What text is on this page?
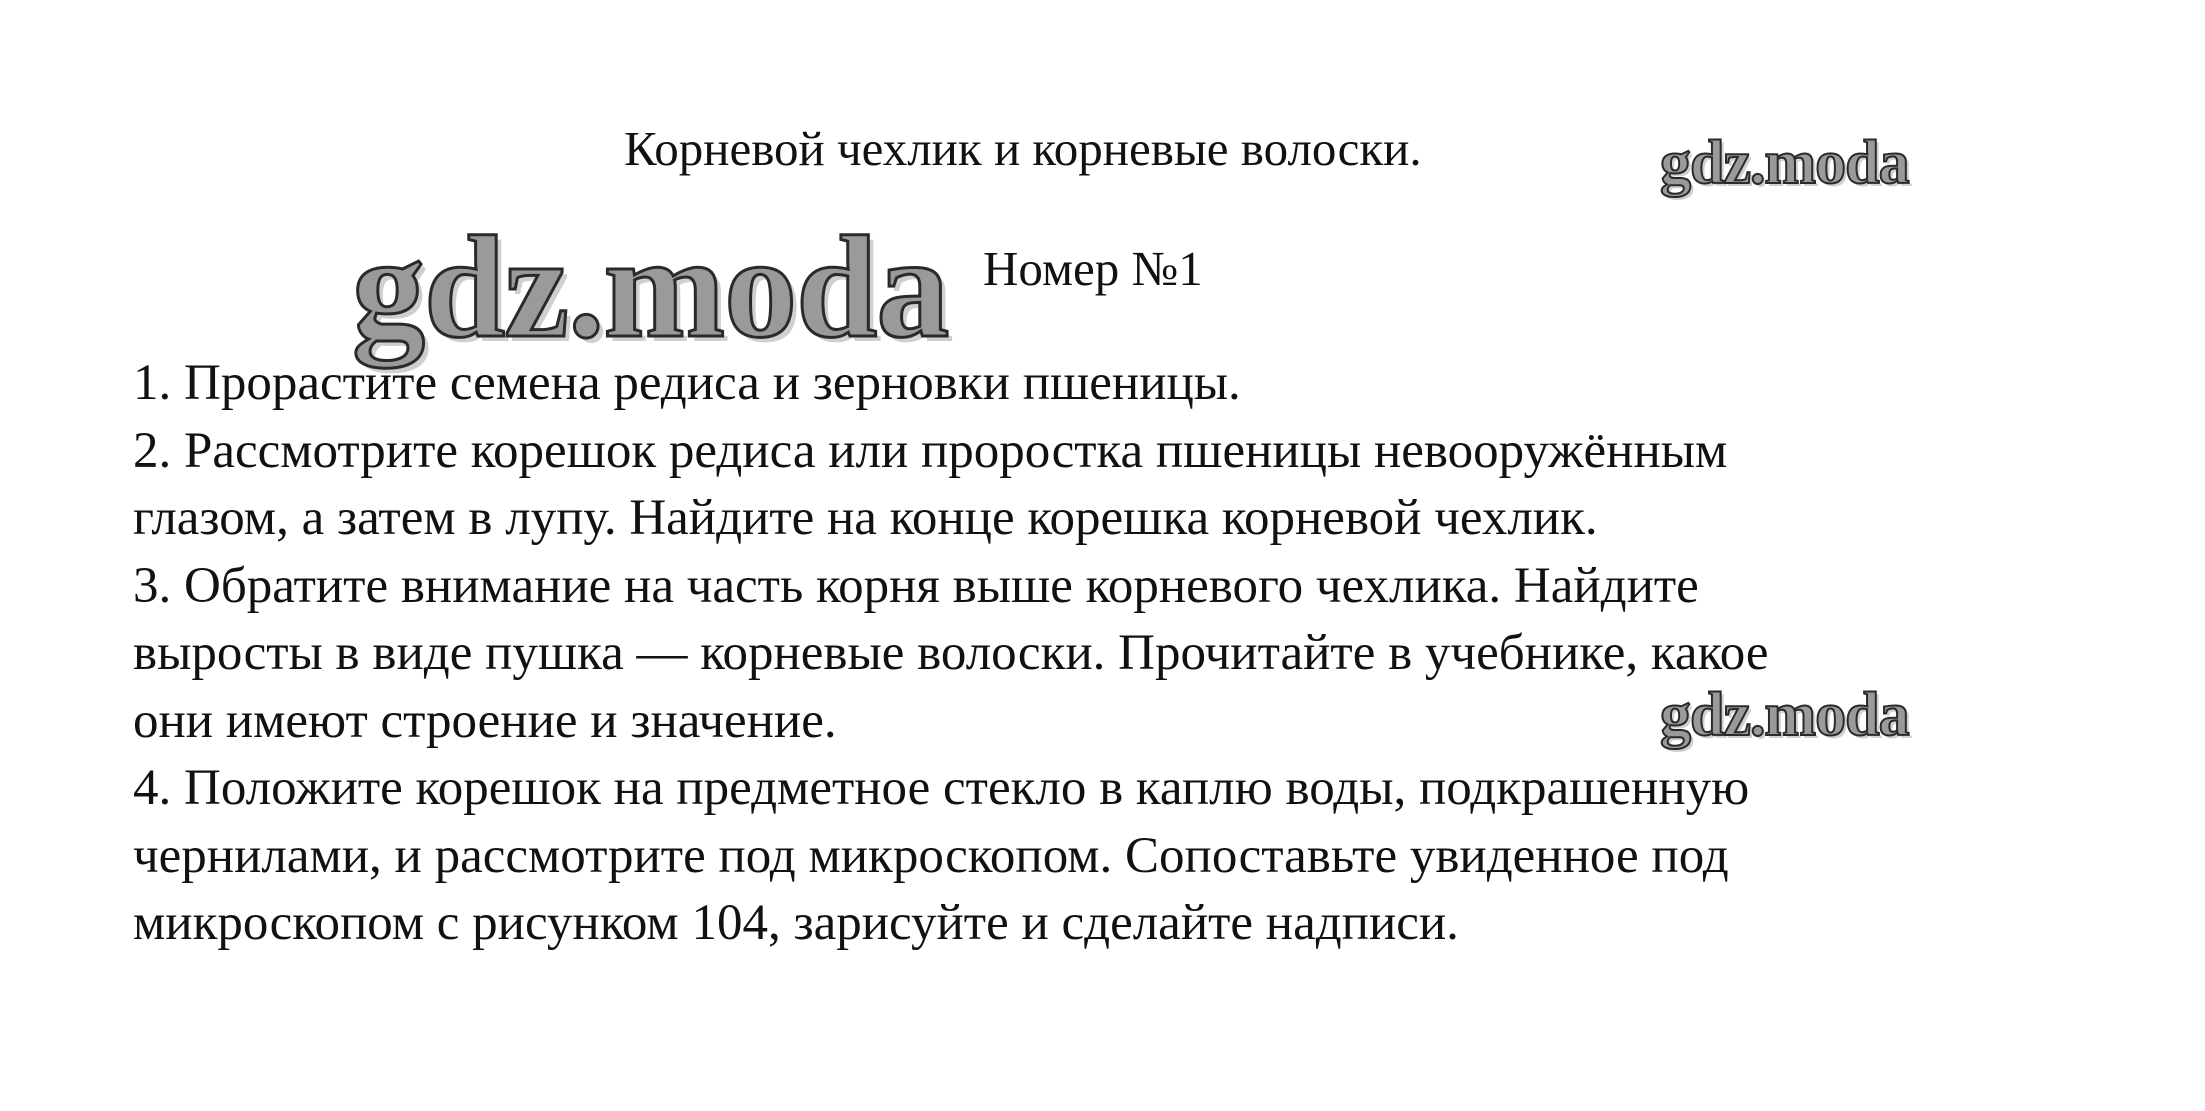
Корневой чехлик и корневые волоски.	gdz.moda
gdz.moda Номер №1
1. Прорастите семена редиса и зерновки пшеницы.
2. Рассмотрите корешок редиса или проростка пшеницы невооружённым
глазом, а затем в лупу. Найдите на конце корешка корневой чехлик.
3. Обратите внимание на часть корня выше корневого чехлика. Найдите
выросты в виде пушка — корневые волоски. Прочитайте в учебнике, какое
они имеют строение и значение.
4. Положите корешок на предметное стекло в каплю воды, подкрашенную
чернилами, и рассмотрите под микроскопом. Сопоставьте увиденное под
микроскопом с рисунком 104, зарисуйте и сделайте надписи.
gdz.moda
